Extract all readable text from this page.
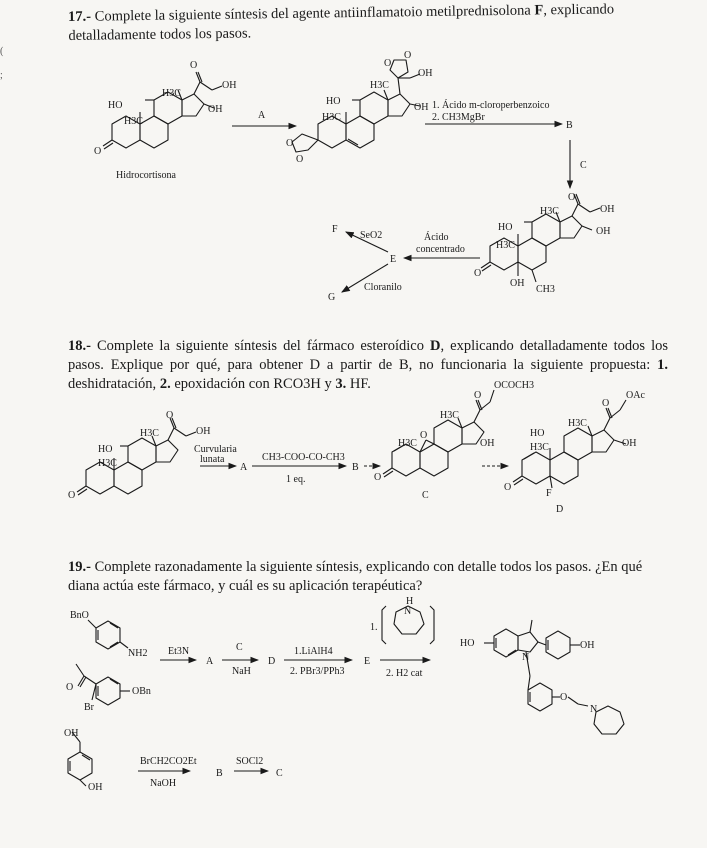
(
;
17.- Complete la siguiente síntesis del agente antiinflamatoio metilprednisolona F, explicando detalladamente todos los pasos.
18.- Complete la siguiente síntesis del fármaco esteroídico D, explicando detalladamente todos los pasos. Explique por qué, para obtener D a partir de B, no funcionaria la siguiente propuesta: 1. deshidratación, 2. epoxidación con RCO3H y 3. HF.
19.- Complete razonadamente la siguiente síntesis, explicando con detalle todos los pasos. ¿En qué diana actúa este fármaco, y cuál es su aplicación terapéutica?
HO
H3C
H3C
O
OH
OH
O
Hidrocortisona
A
HO
H3C
H3C
OH
OH
O
O
O
O
1. Ácido m-cloroperbenzoico
2. CH3MgBr
B
C
HO
H3C
H3C
OH
OH
O
O
OH
CH3
Ácido
concentrado
E
SeO2
F
Cloranilo
G
HO
H3C
H3C	OH
O
O
Curvularia
lunata
A
CH3-COO-CO-CH3
1 eq.
B
OCOCH3
H3C
O
H3C	OH
O
O
C
OAc
HO
H3C
H3C	OH
O
F
O
D
BnO
NH2
O	OBn
Br
Et3N
A
C
NaH
D
1.LiAlH4
2. PBr3/PPh3
E
1.
H
N
2. H2 cat
HO	OH
N
O
N
OH
OH
BrCH2CO2Et
NaOH
B
SOCl2
C
